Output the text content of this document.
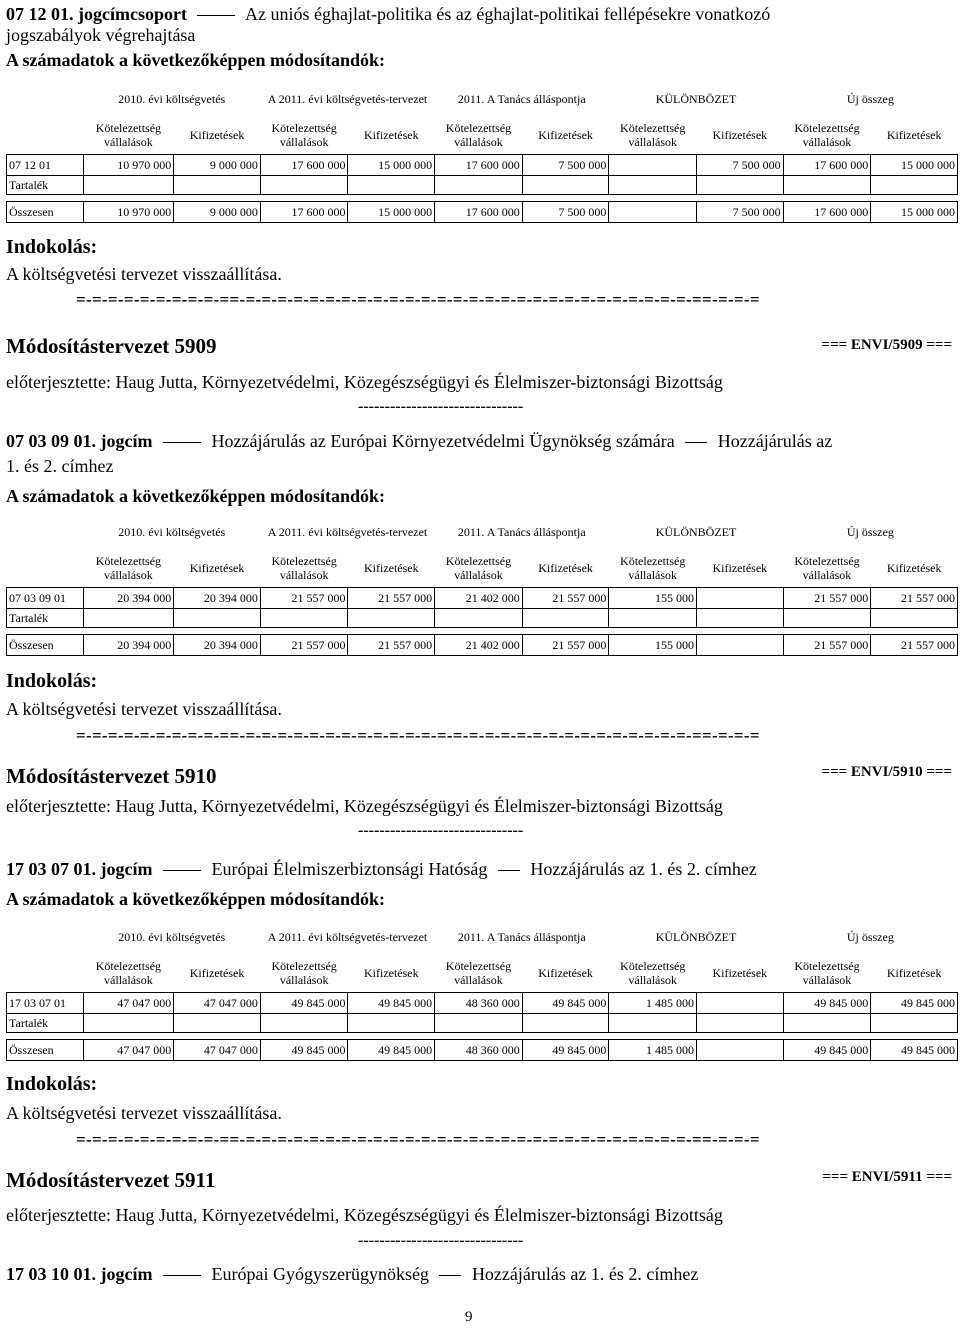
07 12 01. jogcímcsoport	Az uniós éghajlat-politika és az éghajlat-politikai fellépésekre vonatkozó
jogszabályok végrehajtása
A számadatok a következőképpen módosítandók:
	2010. évi költségvetés		A 2011. évi költségvetés-tervezet		2011. A Tanács álláspontja		KÜLÖNBÖZET		Új összeg	
	Kötelezettség vállalások	Kifizetések	Kötelezettség vállalások	Kifizetések	Kötelezettség vállalások	Kifizetések	Kötelezettség vállalások	Kifizetések	Kötelezettség vállalások	Kifizetések
07 12 01	10 970 000	9 000 000	17 600 000	15 000 000	17 600 000	7 500 000		7 500 000	17 600 000	15 000 000
Tartalék										

Összesen	10 970 000	9 000 000	17 600 000	15 000 000	17 600 000	7 500 000		7 500 000	17 600 000	15 000 000
Indokolás:
A költségvetési tervezet visszaállítása.
=-=-=-=-=-=-=-=-=-==-=-=-=-=-=-=-=-=-=-=-=-=-=-=-=-=-=-=-=-=-=-=-=-=-=-=-=-=-==-=-=-=
Módosítástervezet 5909	=== ENVI/5909 ===
előterjesztette: Haug Jutta, Környezetvédelmi, Közegészségügyi és Élelmiszer-biztonsági Bizottság
-------------------------------
07 03 09 01. jogcím	Hozzájárulás az Európai Környezetvédelmi Ügynökség számára Hozzájárulás az
1. és 2. címhez
A számadatok a következőképpen módosítandók:
	2010. évi költségvetés		A 2011. évi költségvetés-tervezet		2011. A Tanács álláspontja		KÜLÖNBÖZET		Új összeg	
	Kötelezettség vállalások	Kifizetések	Kötelezettség vállalások	Kifizetések	Kötelezettség vállalások	Kifizetések	Kötelezettség vállalások	Kifizetések	Kötelezettség vállalások	Kifizetések
07 03 09 01	20 394 000	20 394 000	21 557 000	21 557 000	21 402 000	21 557 000	155 000		21 557 000	21 557 000
Tartalék										

Összesen	20 394 000	20 394 000	21 557 000	21 557 000	21 402 000	21 557 000	155 000		21 557 000	21 557 000
Indokolás:
A költségvetési tervezet visszaállítása.
=-=-=-=-=-=-=-=-=-==-=-=-=-=-=-=-=-=-=-=-=-=-=-=-=-=-=-=-=-=-=-=-=-=-=-=-=-=-==-=-=-=
Módosítástervezet 5910	=== ENVI/5910 ===
előterjesztette: Haug Jutta, Környezetvédelmi, Közegészségügyi és Élelmiszer-biztonsági Bizottság
-------------------------------
17 03 07 01. jogcím	Európai Élelmiszerbiztonsági Hatóság Hozzájárulás az 1. és 2. címhez
A számadatok a következőképpen módosítandók:
	2010. évi költségvetés		A 2011. évi költségvetés-tervezet		2011. A Tanács álláspontja		KÜLÖNBÖZET		Új összeg	
	Kötelezettség vállalások	Kifizetések	Kötelezettség vállalások	Kifizetések	Kötelezettség vállalások	Kifizetések	Kötelezettség vállalások	Kifizetések	Kötelezettség vállalások	Kifizetések
17 03 07 01	47 047 000	47 047 000	49 845 000	49 845 000	48 360 000	49 845 000	1 485 000		49 845 000	49 845 000
Tartalék										

Összesen	47 047 000	47 047 000	49 845 000	49 845 000	48 360 000	49 845 000	1 485 000		49 845 000	49 845 000
Indokolás:
A költségvetési tervezet visszaállítása.
=-=-=-=-=-=-=-=-=-==-=-=-=-=-=-=-=-=-=-=-=-=-=-=-=-=-=-=-=-=-=-=-=-=-=-=-=-=-==-=-=-=
Módosítástervezet 5911	=== ENVI/5911 ===
előterjesztette: Haug Jutta, Környezetvédelmi, Közegészségügyi és Élelmiszer-biztonsági Bizottság
-------------------------------
17 03 10 01. jogcím	Európai Gyógyszerügynökség Hozzájárulás az 1. és 2. címhez
9
